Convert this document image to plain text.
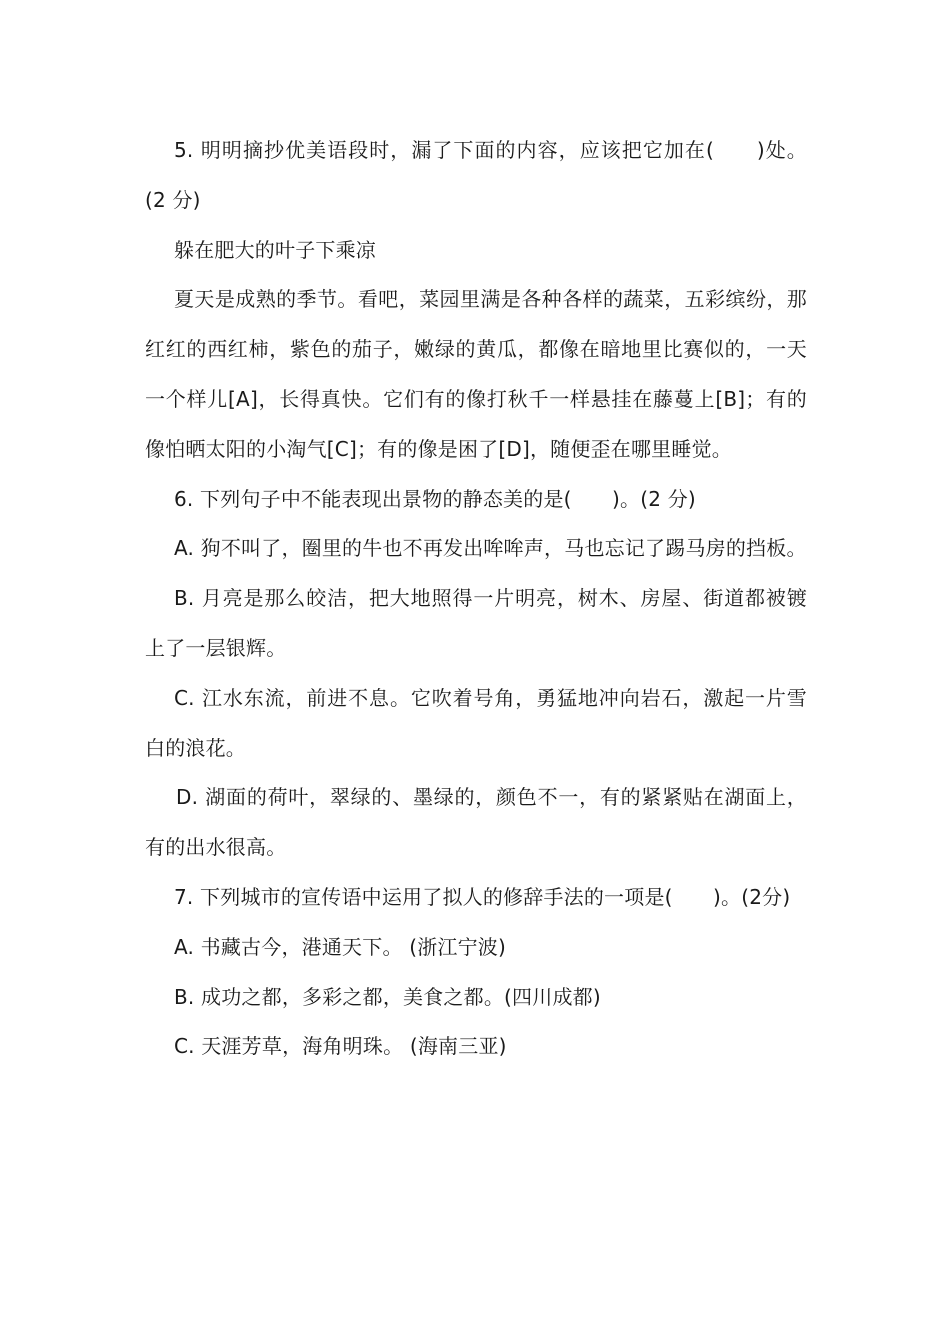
5. 明明摘抄优美语段时，漏了下面的内容，应该把它加在(　　)处。 (2 分)

躲在肥大的叶子下乘凉

夏天是成熟的季节。看吧，菜园里满是各种各样的蔬菜，五彩缤纷，那红红的西红柿，紫色的茄子，嫩绿的黄瓜，都像在暗地里比赛似的，一天一个样儿[A]，长得真快。它们有的像打秋千一样悬挂在藤蔓上[B]；有的像怕晒太阳的小淘气[C]；有的像是困了[D]，随便歪在哪里睡觉。

6. 下列句子中不能表现出景物的静态美的是(　　)。(2 分)

A. 狗不叫了，圈里的牛也不再发出哞哞声，马也忘记了踢马房的挡板。

B. 月亮是那么皎洁，把大地照得一片明亮，树木、房屋、街道都被镀上了一层银辉。

C. 江水东流，前进不息。它吹着号角，勇猛地冲向岩石，激起一片雪白的浪花。

D. 湖面的荷叶，翠绿的、墨绿的，颜色不一，有的紧紧贴在湖面上，有的出水很高。

7. 下列城市的宣传语中运用了拟人的修辞手法的一项是(　　)。(2分)

A. 书藏古今，港通天下。 (浙江宁波)

B. 成功之都，多彩之都，美食之都。(四川成都)

C. 天涯芳草，海角明珠。 (海南三亚)
